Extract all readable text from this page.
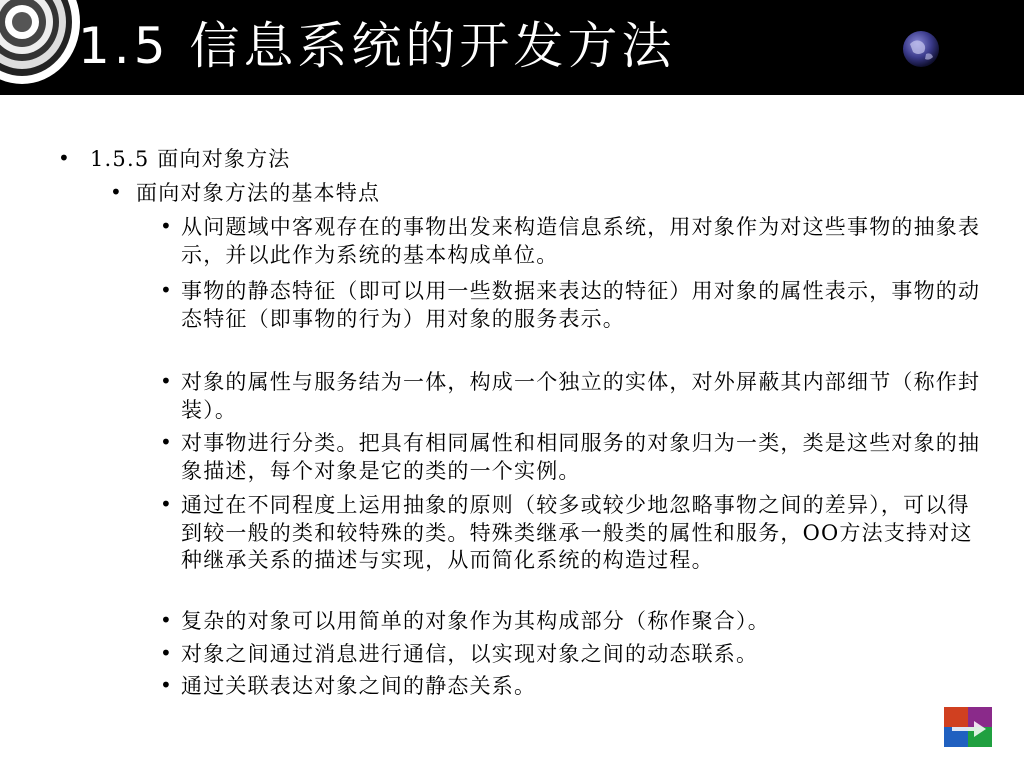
1.5 信息系统的开发方法
• 1.5.5 面向对象方法
• 面向对象方法的基本特点
• 从问题域中客观存在的事物出发来构造信息系统，用对象作为对这些事物的抽象表示，并以此作为系统的基本构成单位。
• 事物的静态特征（即可以用一些数据来表达的特征）用对象的属性表示，事物的动态特征（即事物的行为）用对象的服务表示。
• 对象的属性与服务结为一体，构成一个独立的实体，对外屏蔽其内部细节（称作封装）。
• 对事物进行分类。把具有相同属性和相同服务的对象归为一类，类是这些对象的抽象描述，每个对象是它的类的一个实例。
• 通过在不同程度上运用抽象的原则（较多或较少地忽略事物之间的差异），可以得到较一般的类和较特殊的类。特殊类继承一般类的属性和服务，OO方法支持对这种继承关系的描述与实现，从而简化系统的构造过程。
• 复杂的对象可以用简单的对象作为其构成部分（称作聚合）。
• 对象之间通过消息进行通信，以实现对象之间的动态联系。
• 通过关联表达对象之间的静态关系。
